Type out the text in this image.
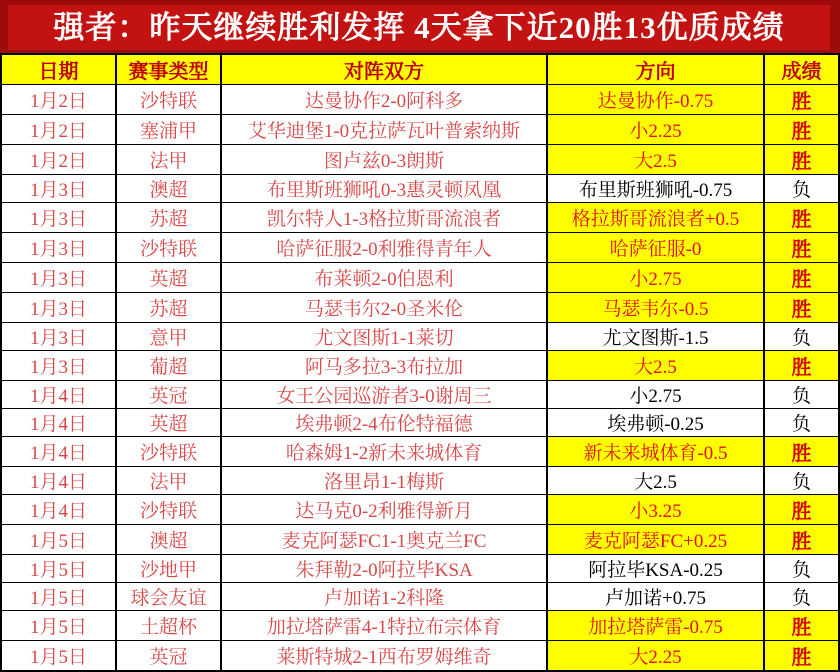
强者：昨天继续胜利发挥 4天拿下近20胜13优质成绩
日期	赛事类型	对阵双方	方向	成绩
1月2日	沙特联	达曼协作2-0阿科多	达曼协作-0.75	胜
1月2日	塞浦甲	艾华迪堡1-0克拉萨瓦叶普索纳斯	小2.25	胜
1月2日	法甲	图卢兹0-3朗斯	大2.5	胜
1月3日	澳超	布里斯班狮吼0-3惠灵顿凤凰	布里斯班狮吼-0.75	负
1月3日	苏超	凯尔特人1-3格拉斯哥流浪者	格拉斯哥流浪者+0.5	胜
1月3日	沙特联	哈萨征服2-0利雅得青年人	哈萨征服-0	胜
1月3日	英超	布莱顿2-0伯恩利	小2.75	胜
1月3日	苏超	马瑟韦尔2-0圣米伦	马瑟韦尔-0.5	胜
1月3日	意甲	尤文图斯1-1莱切	尤文图斯-1.5	负
1月3日	葡超	阿马多拉3-3布拉加	大2.5	胜
1月4日	英冠	女王公园巡游者3-0谢周三	小2.75	负
1月4日	英超	埃弗顿2-4布伦特福德	埃弗顿-0.25	负
1月4日	沙特联	哈森姆1-2新未来城体育	新未来城体育-0.5	胜
1月4日	法甲	洛里昂1-1梅斯	大2.5	负
1月4日	沙特联	达马克0-2利雅得新月	小3.25	胜
1月5日	澳超	麦克阿瑟FC1-1奥克兰FC	麦克阿瑟FC+0.25	胜
1月5日	沙地甲	朱拜勒2-0阿拉毕KSA	阿拉毕KSA-0.25	负
1月5日	球会友谊	卢加诺1-2科隆	卢加诺+0.75	负
1月5日	土超杯	加拉塔萨雷4-1特拉布宗体育	加拉塔萨雷-0.75	胜
1月5日	英冠	莱斯特城2-1西布罗姆维奇	大2.25	胜
